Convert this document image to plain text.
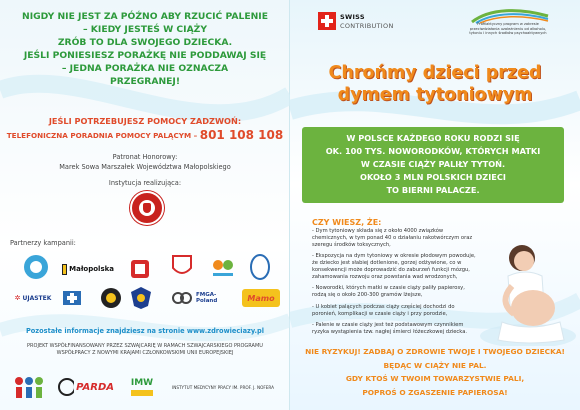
NIGDY NIE JEST ZA PÓŹNO ABY RZUCIĆ PALENIE
– KIEDY JESTEŚ W CIĄŻY
ZRÓB TO DLA SWOJEGO DZIECKA.
JEŚLI PONIESIESZ PORAŻKĘ NIE PODDAWAJ SIĘ
– JEDNA PORAŻKA NIE OZNACZA
PRZEGRANEJ!
JEŚLI POTRZEBUJESZ POMOCY ZADZWOŃ:
TELEFONICZNA PORADNIA POMOCY PALĄCYM – 801 108 108
Patronat Honorowy:
Marek Sowa Marszałek Województwa Małopolskiego
Instytucja realizująca:
Partnerzy kampanii:
Małopolska
✲ UJASTEK	FMGA-Poland	Mamo
Pozostałe informacje znajdziesz na stronie www.zdrowieciazy.pl
PROJEKT WSPÓŁFINANSOWANY PRZEZ SZWAJCARIĘ W RAMACH SZWAJCARSKIEGO PROGRAMU
WSPÓŁPRACY Z NOWYMI KRAJAMI CZŁONKOWSKIMI UNII EUROPEJSKIEJ
PARDA IMW	INSTYTUT MEDYCYNY PRACY IM. PROF. J. NOFERA
SWISS
CONTRIBUTION	Profilaktyczny program w zakresie przeciwdziałania uzależnieniu od alkoholu, tytoniu i innych środków psychoaktywnych
Chrońmy dzieci przed
dymem tytoniowym
W POLSCE KAŻDEGO ROKU RODZI SIĘ
OK. 100 TYS. NOWORODKÓW, KTÓRYCH MATKI
W CZASIE CIĄŻY PALIŁY TYTOŃ.
OKOŁO 3 MLN POLSKICH DZIECI
TO BIERNI PALACZE.
CZY WIESZ, ŻE:

- Dym tytoniowy składa się z około 4000 związków chemicznych, w tym ponad 40 o działaniu rakotwórczym oraz szeregu środków toksycznych,

- Ekspozycja na dym tytoniowy w okresie płodowym powoduje, że dziecko jest słabiej dotlenione, gorzej odżywione, co w konsekwencji może doprowadzić do zaburzeń funkcji mózgu, zahamowania rozwoju oraz powstania wad wrodzonych,

- Noworodki, których matki w czasie ciąży paliły papierosy, rodzą się o około 200-300 gramów lżejsze,

- U kobiet palących podczas ciąży częściej dochodzi do poronień, komplikacji w czasie ciąży i przy porodzie,

- Palenie w czasie ciąży jest też podstawowym czynnikiem ryzyka wystąpienia tzw. nagłej śmierci łóżeczkowej dziecka.

NIE RYZYKUJ! ZADBAJ O ZDROWIE TWOJE I TWOJEGO DZIECKA!
BĘDĄC W CIĄŻY NIE PAL.
GDY KTOŚ W TWOIM TOWARZYSTWIE PALI,
POPROŚ O ZGASZENIE PAPIEROSA!
